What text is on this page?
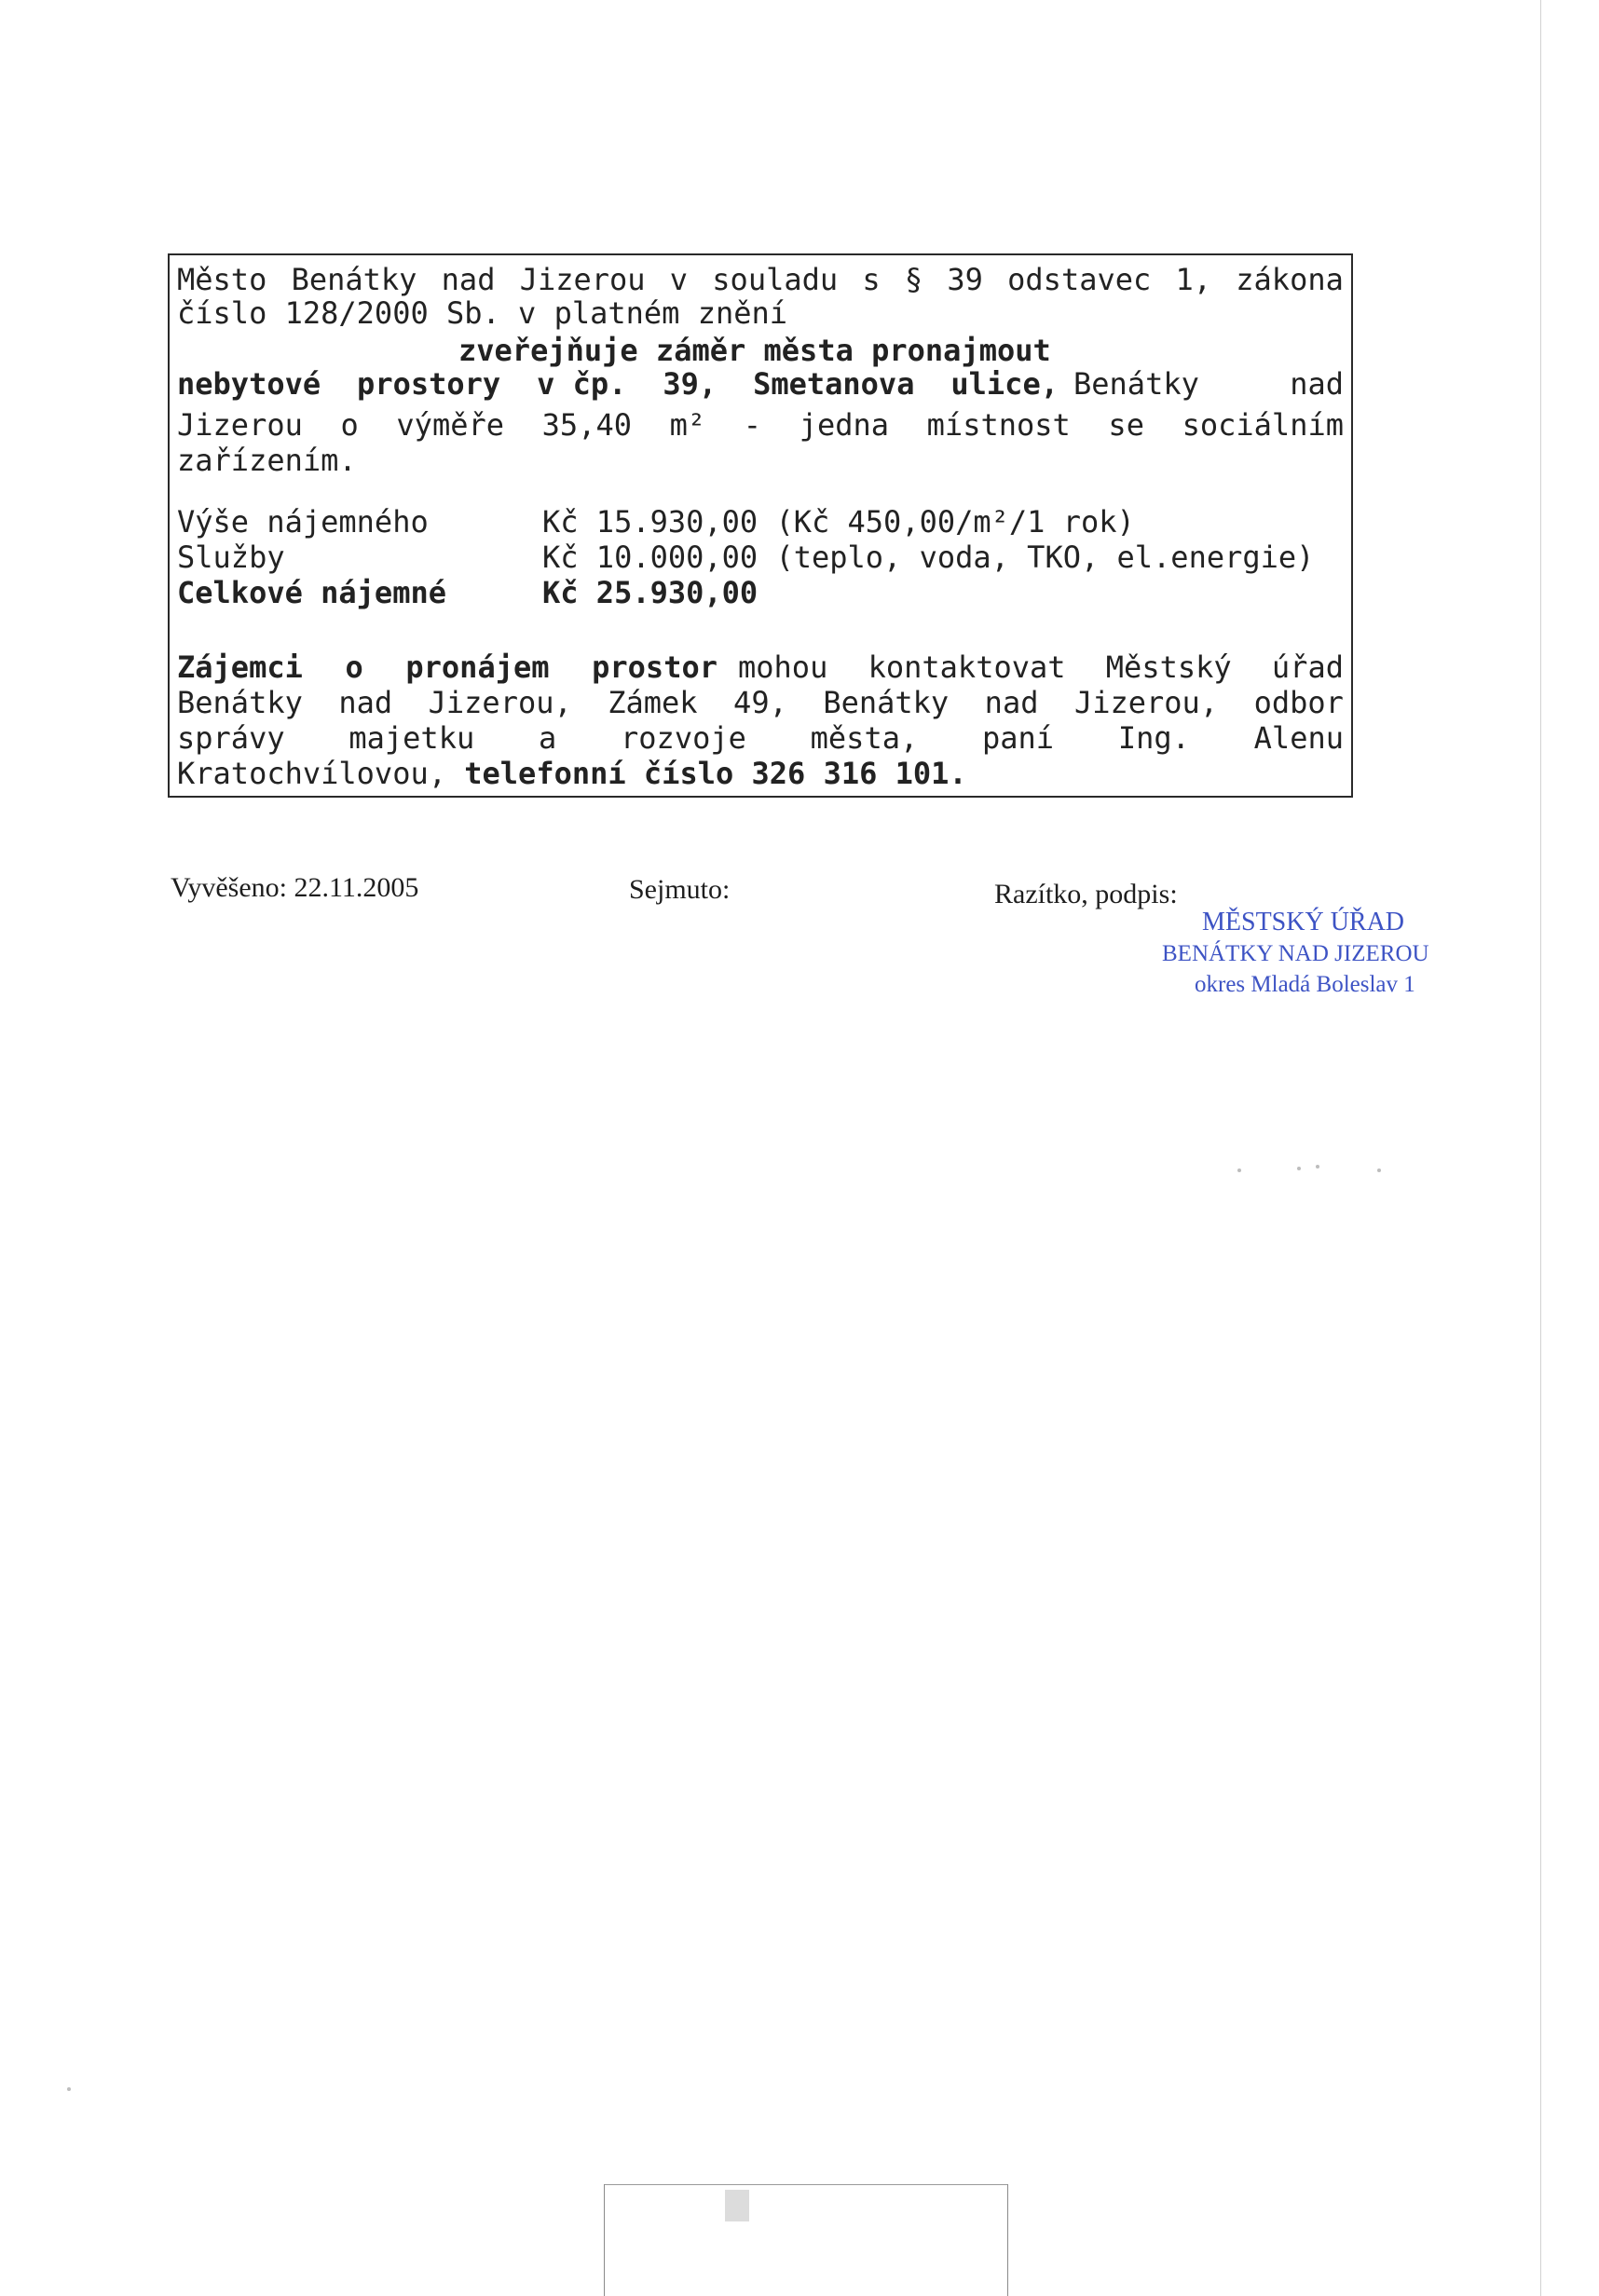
Město Benátky nad Jizerou v souladu s § 39 odstavec 1, zákona
číslo 128/2000 Sb. v platném znění
zveřejňuje záměr města pronajmout
nebytové prostory v čp. 39, Smetanova ulice, Benátky	nad
Jizerou o výměře 35,40 m² - jedna místnost se sociálním
zařízením.
Výše nájemného	Kč 15.930,00 (Kč 450,00/m²/1 rok)
Služby	Kč 10.000,00 (teplo, voda, TKO, el.energie)
Celkové nájemné	Kč 25.930,00
Zájemci o pronájem prostor mohou kontaktovat Městský úřad
Benátky nad Jizerou, Zámek 49, Benátky nad Jizerou, odbor
správy majetku a rozvoje města, paní Ing. Alenu
Kratochvílovou, telefonní číslo 326 316 101.
Vyvěšeno: 22.11.2005	Sejmuto:	Razítko, podpis:
MĚSTSKÝ ÚŘAD
BENÁTKY NAD JIZEROU
okres Mladá Boleslav 1
